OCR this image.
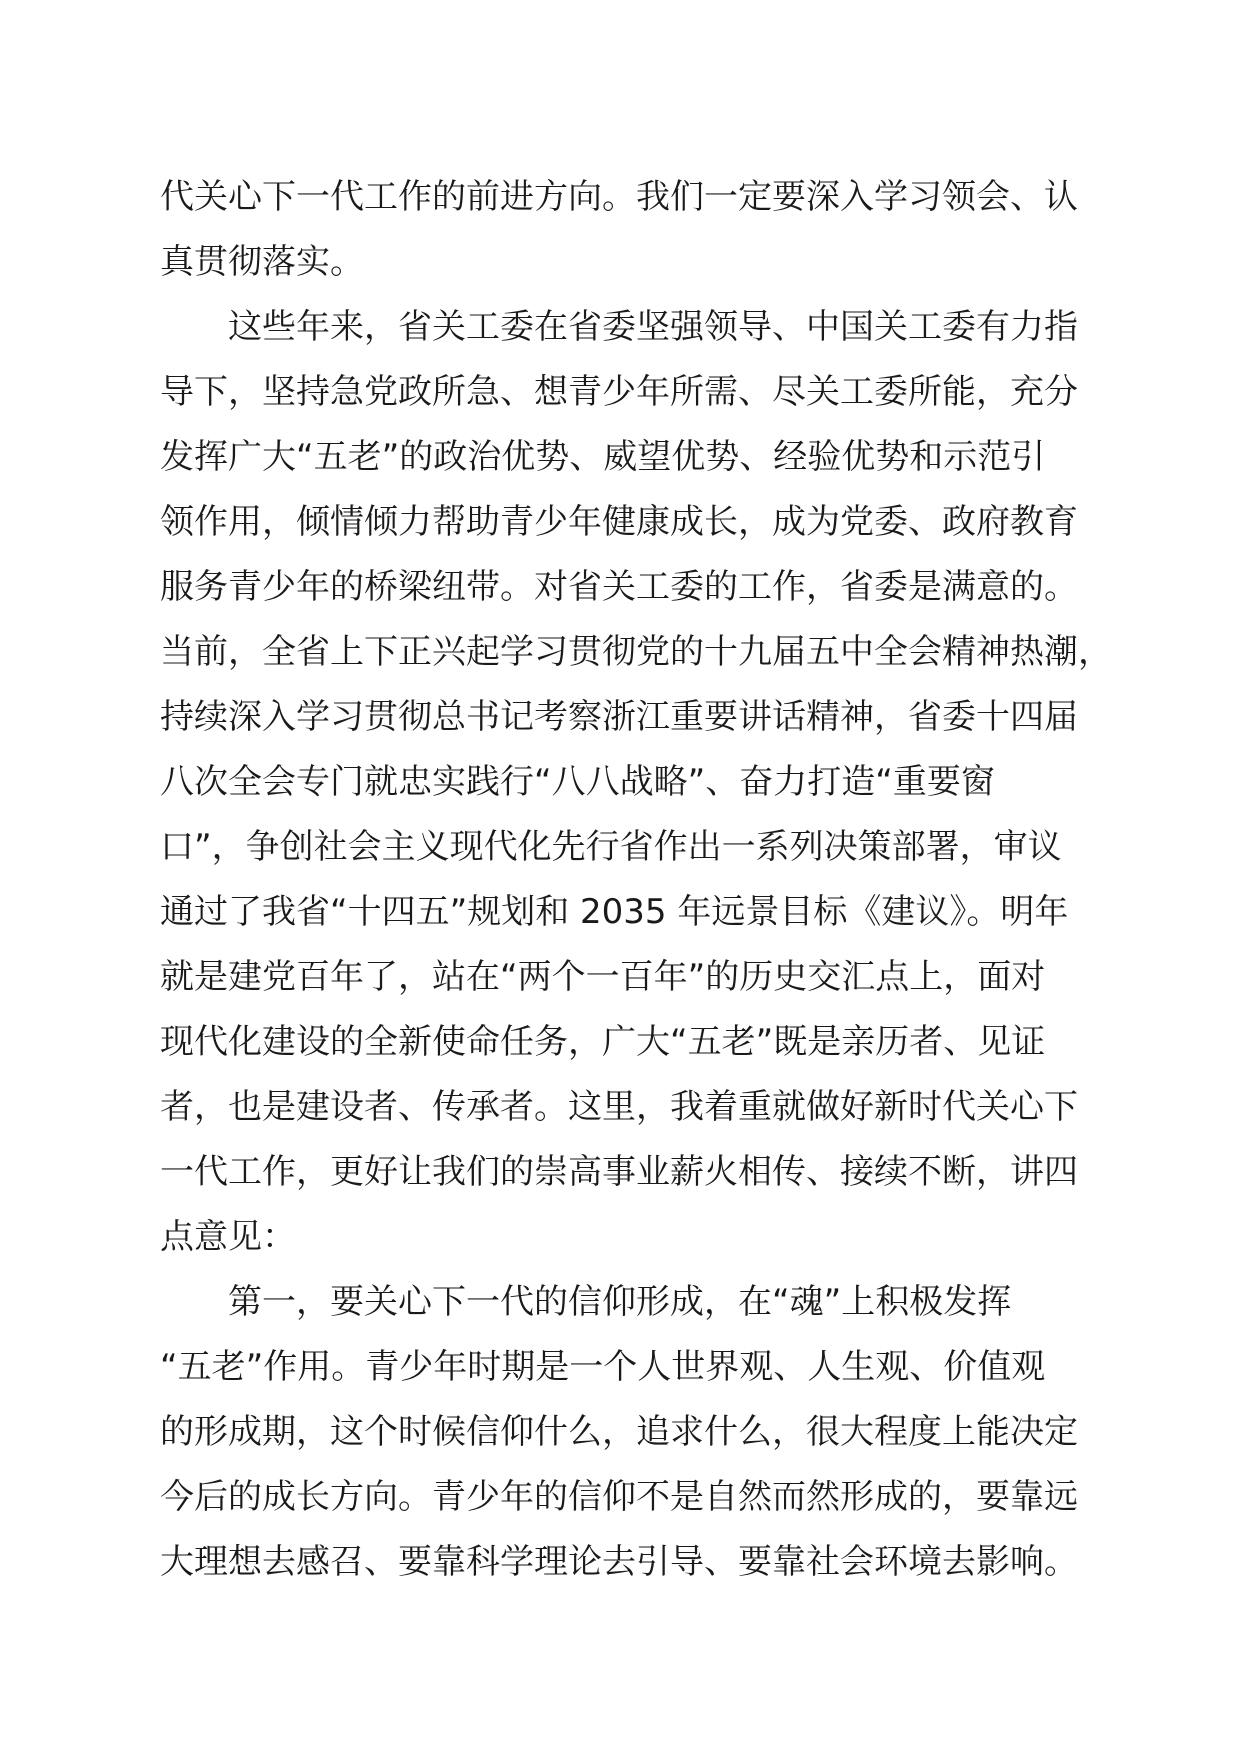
代关心下一代工作的前进方向。我们一定要深入学习领会、认
真贯彻落实。
这些年来，省关工委在省委坚强领导、中国关工委有力指
导下，坚持急党政所急、想青少年所需、尽关工委所能，充分
发挥广大“五老”的政治优势、威望优势、经验优势和示范引
领作用，倾情倾力帮助青少年健康成长，成为党委、政府教育
服务青少年的桥梁纽带。对省关工委的工作，省委是满意的。
当前，全省上下正兴起学习贯彻党的十九届五中全会精神热潮，
持续深入学习贯彻总书记考察浙江重要讲话精神，省委十四届
八次全会专门就忠实践行“八八战略”、奋力打造“重要窗
口”，争创社会主义现代化先行省作出一系列决策部署，审议
通过了我省“十四五”规划和 2035 年远景目标《建议》。明年
就是建党百年了，站在“两个一百年”的历史交汇点上，面对
现代化建设的全新使命任务，广大“五老”既是亲历者、见证
者，也是建设者、传承者。这里，我着重就做好新时代关心下
一代工作，更好让我们的崇高事业薪火相传、接续不断，讲四
点意见：
第一，要关心下一代的信仰形成，在“魂”上积极发挥
“五老”作用。青少年时期是一个人世界观、人生观、价值观
的形成期，这个时候信仰什么，追求什么，很大程度上能决定
今后的成长方向。青少年的信仰不是自然而然形成的，要靠远
大理想去感召、要靠科学理论去引导、要靠社会环境去影响。
